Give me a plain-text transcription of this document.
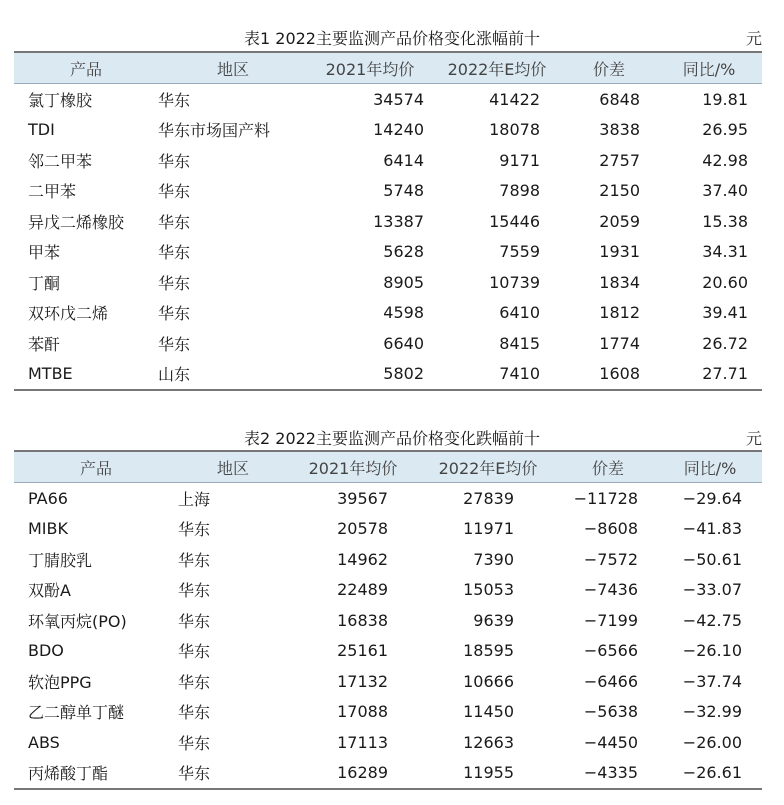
表1 2022主要监测产品价格变化涨幅前十	元
产品	地区	2021年均价	2022年E均价	价差	同比/%
氯丁橡胶	华东	34574	41422	6848	19.81
TDI	华东市场国产料	14240	18078	3838	26.95
邻二甲苯	华东	6414	9171	2757	42.98
二甲苯	华东	5748	7898	2150	37.40
异戊二烯橡胶	华东	13387	15446	2059	15.38
甲苯	华东	5628	7559	1931	34.31
丁酮	华东	8905	10739	1834	20.60
双环戊二烯	华东	4598	6410	1812	39.41
苯酐	华东	6640	8415	1774	26.72
MTBE	山东	5802	7410	1608	27.71
表2 2022主要监测产品价格变化跌幅前十	元
产品	地区	2021年均价	2022年E均价	价差	同比/%
PA66	上海	39567	27839	−11728	−29.64
MIBK	华东	20578	11971	−8608	−41.83
丁腈胶乳	华东	14962	7390	−7572	−50.61
双酚A	华东	22489	15053	−7436	−33.07
环氧丙烷(PO)	华东	16838	9639	−7199	−42.75
BDO	华东	25161	18595	−6566	−26.10
软泡PPG	华东	17132	10666	−6466	−37.74
乙二醇单丁醚	华东	17088	11450	−5638	−32.99
ABS	华东	17113	12663	−4450	−26.00
丙烯酸丁酯	华东	16289	11955	−4335	−26.61
